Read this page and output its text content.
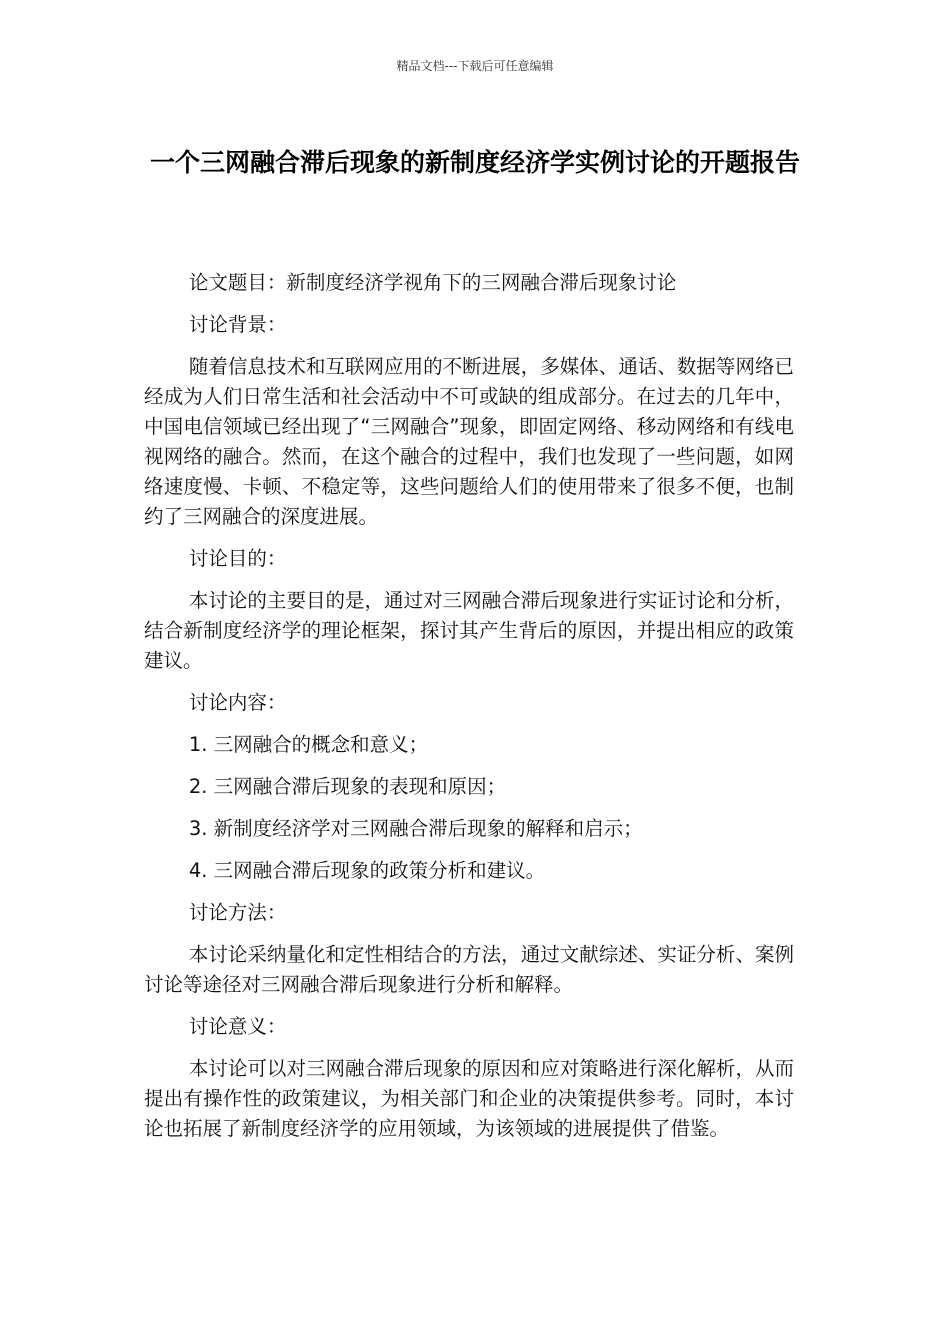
精品文档---下载后可任意编辑
一个三网融合滞后现象的新制度经济学实例讨论的开题报告

论文题目：新制度经济学视角下的三网融合滞后现象讨论

讨论背景：

随着信息技术和互联网应用的不断进展，多媒体、通话、数据等网络已经成为人们日常生活和社会活动中不可或缺的组成部分。在过去的几年中，中国电信领域已经出现了“三网融合”现象，即固定网络、移动网络和有线电视网络的融合。然而，在这个融合的过程中，我们也发现了一些问题，如网络速度慢、卡顿、不稳定等，这些问题给人们的使用带来了很多不便，也制约了三网融合的深度进展。

讨论目的：

本讨论的主要目的是，通过对三网融合滞后现象进行实证讨论和分析，结合新制度经济学的理论框架，探讨其产生背后的原因，并提出相应的政策建议。

讨论内容：

1. 三网融合的概念和意义；

2. 三网融合滞后现象的表现和原因；

3. 新制度经济学对三网融合滞后现象的解释和启示；

4. 三网融合滞后现象的政策分析和建议。

讨论方法：

本讨论采纳量化和定性相结合的方法，通过文献综述、实证分析、案例讨论等途径对三网融合滞后现象进行分析和解释。

讨论意义：

本讨论可以对三网融合滞后现象的原因和应对策略进行深化解析，从而提出有操作性的政策建议，为相关部门和企业的决策提供参考。同时，本讨论也拓展了新制度经济学的应用领域，为该领域的进展提供了借鉴。
